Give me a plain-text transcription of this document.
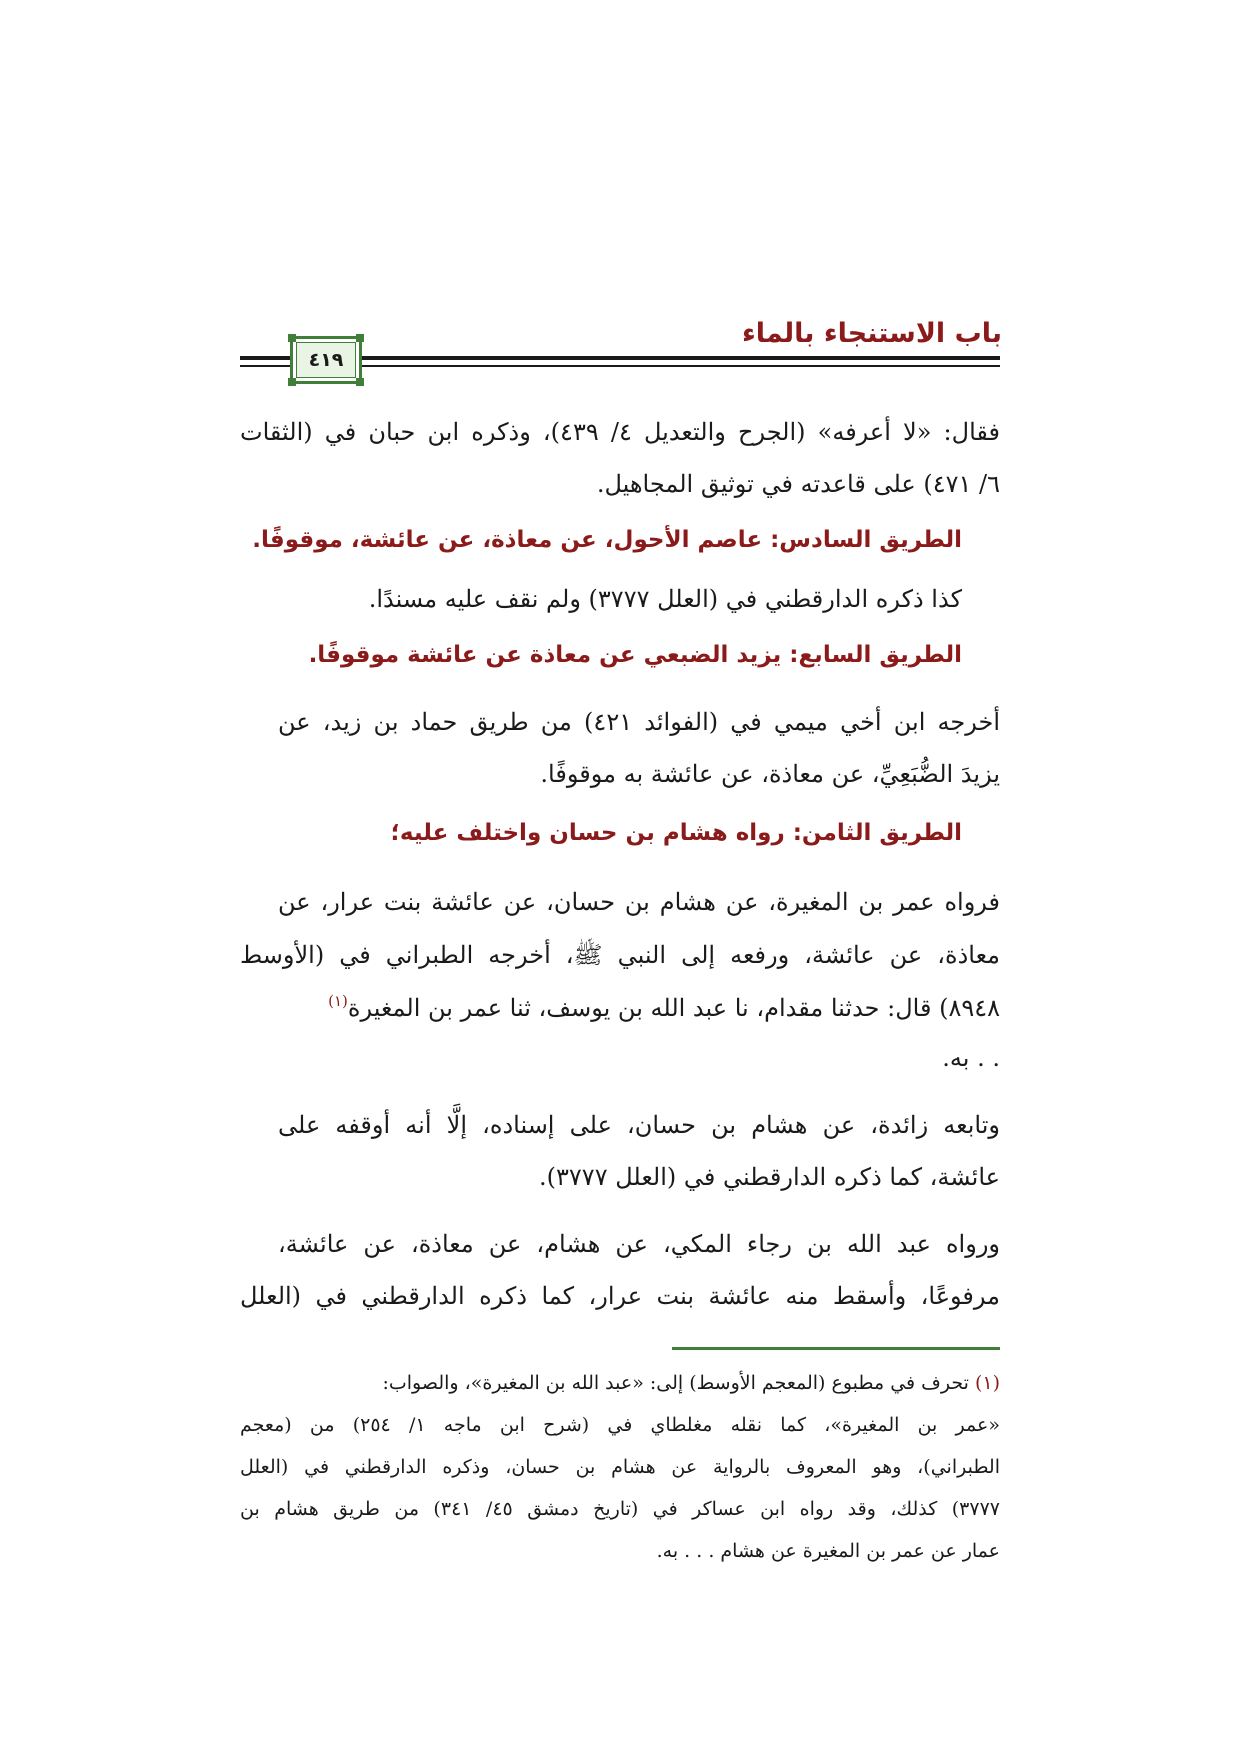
باب الاستنجاء بالماء
٤١٩
فقال: «لا أعرفه» (الجرح والتعديل ٤/ ٤٣٩)، وذكره ابن حبان في (الثقات
٦/ ٤٧١) على قاعدته في توثيق المجاهيل.
الطريق السادس: عاصم الأحول، عن معاذة، عن عائشة، موقوفًا.
كذا ذكره الدارقطني في (العلل ٣٧٧٧) ولم نقف عليه مسندًا.
الطريق السابع: يزيد الضبعي عن معاذة عن عائشة موقوفًا.
أخرجه ابن أخي ميمي في (الفوائد ٤٢١) من طريق حماد بن زيد، عن
يزيدَ الضُّبَعِيِّ، عن معاذة، عن عائشة به موقوفًا.
الطريق الثامن: رواه هشام بن حسان واختلف عليه؛
فرواه عمر بن المغيرة، عن هشام بن حسان، عن عائشة بنت عرار، عن
معاذة، عن عائشة، ورفعه إلى النبي ﷺ، أخرجه الطبراني في (الأوسط
٨٩٤٨) قال: حدثنا مقدام، نا عبد الله بن يوسف، ثنا عمر بن المغيرة$^{(١)}$
. . به.
وتابعه زائدة، عن هشام بن حسان، على إسناده، إلَّا أنه أوقفه على
عائشة، كما ذكره الدارقطني في (العلل ٣٧٧٧).
ورواه عبد الله بن رجاء المكي، عن هشام، عن معاذة، عن عائشة،
مرفوعًا، وأسقط منه عائشة بنت عرار، كما ذكره الدارقطني في (العلل
(١) تحرف في مطبوع (المعجم الأوسط) إلى: «عبد الله بن المغيرة»، والصواب:
«عمر بن المغيرة»، كما نقله مغلطاي في (شرح ابن ماجه ١/ ٢٥٤) من (معجم
الطبراني)، وهو المعروف بالرواية عن هشام بن حسان، وذكره الدارقطني في (العلل
٣٧٧٧) كذلك، وقد رواه ابن عساكر في (تاريخ دمشق ٤٥/ ٣٤١) من طريق هشام بن
عمار عن عمر بن المغيرة عن هشام . . . به.
